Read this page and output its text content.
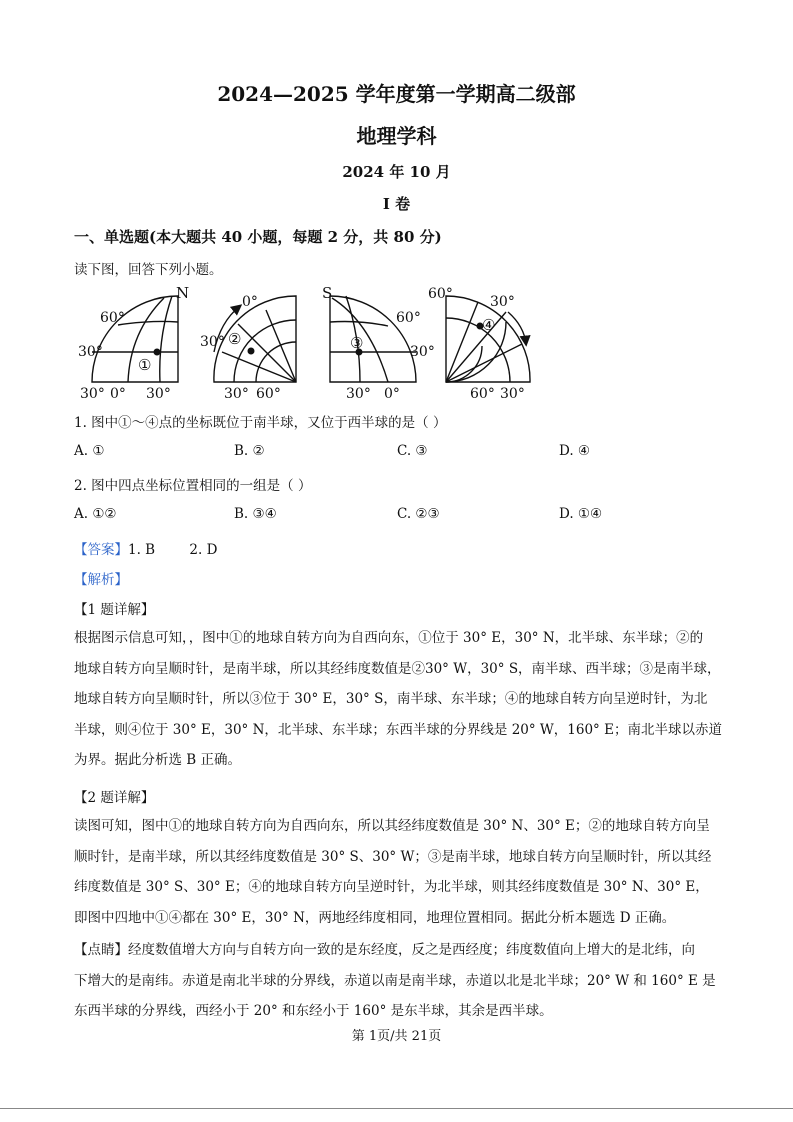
2024—2025 学年度第一学期高二级部
地理学科
2024 年 10 月
I 卷
一、单选题(本大题共 40 小题，每题 2 分，共 80 分)
读下图，回答下列小题。
N
60°
30°
①
30° 0° 30°
0°
30° ②
30° 60°
S
60°
30°
③
30° 0°
60°	30°
④
60° 30°
1. 图中①～④点的坐标既位于南半球，又位于西半球的是（ ）
A. ①	B. ②	C. ③	D. ④
2. 图中四点坐标位置相同的一组是（ ）
A. ①②	B. ③④	C. ②③	D. ①④
【答案】1. B        2. D
【解析】
【1 题详解】
根据图示信息可知，，图中①的地球自转方向为自西向东，①位于 30° E，30° N，北半球、东半球；②的
地球自转方向呈顺时针，是南半球，所以其经纬度数值是②30° W，30° S，南半球、西半球；③是南半球，
地球自转方向呈顺时针，所以③位于 30° E，30° S，南半球、东半球；④的地球自转方向呈逆时针，为北
半球，则④位于 30° E，30° N，北半球、东半球；东西半球的分界线是 20° W，160° E；南北半球以赤道
为界。据此分析选 B 正确。
【2 题详解】
读图可知，图中①的地球自转方向为自西向东，所以其经纬度数值是 30° N、30° E；②的地球自转方向呈
顺时针，是南半球，所以其经纬度数值是 30° S、30° W；③是南半球，地球自转方向呈顺时针，所以其经
纬度数值是 30° S、30° E；④的地球自转方向呈逆时针，为北半球，则其经纬度数值是 30° N、30° E，
即图中四地中①④都在 30° E，30° N，两地经纬度相同，地理位置相同。据此分析本题选 D 正确。
【点睛】经度数值增大方向与自转方向一致的是东经度，反之是西经度；纬度数值向上增大的是北纬，向
下增大的是南纬。赤道是南北半球的分界线，赤道以南是南半球，赤道以北是北半球；20° W 和 160° E 是
东西半球的分界线，西经小于 20° 和东经小于 160° 是东半球，其余是西半球。
第 1页/共 21页
